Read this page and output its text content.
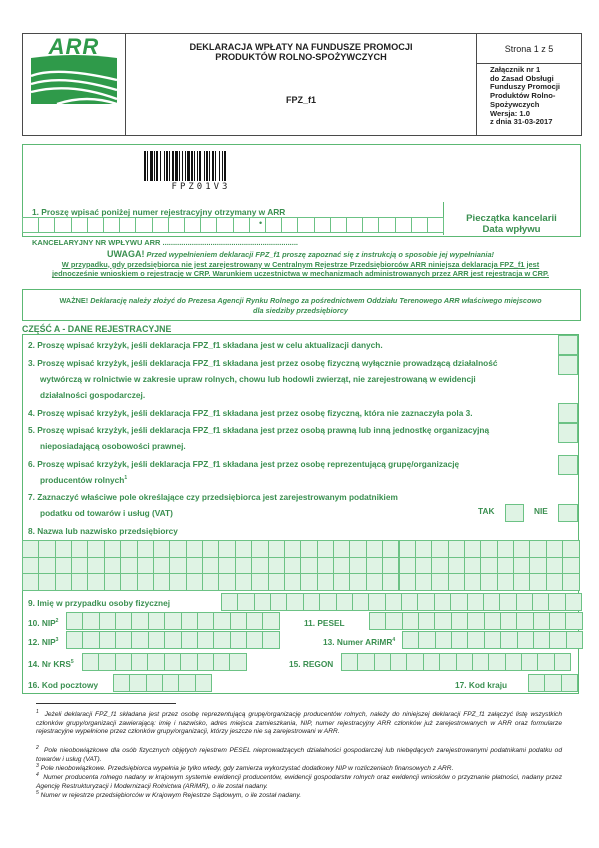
ARR	DEKLARACJA WPŁATY NA FUNDUSZE PROMOCJI
PRODUKTÓW ROLNO-SPOŻYWCZYCH
FPZ_f1
Strona 1 z 5
Załącznik nr 1
do Zasad Obsługi
Funduszy Promocji
Produktów Rolno-
Spożywczych
Wersja: 1.0
z dnia 31-03-2017
FPZ01V3
1. Proszę wpisać poniżej numer rejestracyjny otrzymany w ARR
•	Pieczątka kancelarii
Data wpływu
KANCELARYJNY NR WPŁYWU ARR .................................................................
UWAGA! Przed wypełnieniem deklaracji FPZ_f1 proszę zapoznać się z instrukcją o sposobie jej wypełniania!
W przypadku, gdy przedsiębiorca nie jest zarejestrowany w Centralnym Rejestrze Przedsiębiorców ARR niniejsza deklaracja FPZ_f1 jest
jednocześnie wnioskiem o rejestrację w CRP. Warunkiem uczestnictwa w mechanizmach administrowanych przez ARR jest rejestracja w CRP.
WAŻNE! Deklarację należy złożyć do Prezesa Agencji Rynku Rolnego za pośrednictwem Oddziału Terenowego ARR właściwego miejscowo
dla siedziby przedsiębiorcy
CZĘŚĆ A - DANE REJESTRACYJNE
2. Proszę wpisać krzyżyk, jeśli deklaracja FPZ_f1 składana jest w celu aktualizacji danych.
3. Proszę wpisać krzyżyk, jeśli deklaracja FPZ_f1 składana jest przez osobę fizyczną wyłącznie prowadzącą działalność
wytwórczą w rolnictwie w zakresie upraw rolnych, chowu lub hodowli zwierząt, nie zarejestrowaną w ewidencji
działalności gospodarczej.
4. Proszę wpisać krzyżyk, jeśli deklaracja FPZ_f1 składana jest przez osobę fizyczną, która nie zaznaczyła pola 3.
5. Proszę wpisać krzyżyk, jeśli deklaracja FPZ_f1 składana jest przez osobą prawną lub inną jednostkę organizacyjną
nieposiadającą osobowości prawnej.
6. Proszę wpisać krzyżyk, jeśli deklaracja FPZ_f1 składana jest przez osobę reprezentującą grupę/organizację
producentów rolnych$^1$
7. Zaznaczyć właściwe pole określające czy przedsiębiorca jest zarejestrowanym podatnikiem
podatku od towarów i usług (VAT)	TAK	NIE
8. Nazwa lub nazwisko przedsiębiorcy
9. Imię w przypadku osoby fizycznej
10. NIP$^2$	11. PESEL
12. NIP$^3$	13. Numer ARiMR$^4$
14. Nr KRS$^5$	15. REGON
16. Kod pocztowy	17. Kod kraju
$^1$ Jeżeli deklaracji FPZ_f1 składana jest przez osobę reprezentującą grupę/organizację producentów rolnych, należy do niniejszej deklaracji FPZ_f1 załączyć listę wszystkich członków grupy/organizacji zawierającą: imię i nazwisko, adres miejsca zamieszkania, NIP, numer rejestracyjny ARR członków już zarejestrowanych w ARR oraz formularze rejestracyjne wypełnione przez członków grupy/organizacji, którzy jeszcze nie są zarejestrowani w ARR.
$^2$ Pole nieobowiązkowe dla osób fizycznych objętych rejestrem PESEL nieprowadzących działalności gospodarczej lub niebędących zarejestrowanymi podatnikami podatku od towarów i usług (VAT).
$^3$ Pole nieobowiązkowe. Przedsiębiorca wypełnia je tylko wtedy, gdy zamierza wykorzystać dodatkowy NIP w rozliczeniach finansowych z ARR.
$^4$ Numer producenta rolnego nadany w krajowym systemie ewidencji producentów, ewidencji gospodarstw rolnych oraz ewidencji wniosków o przyznanie płatności, nadany przez Agencję Restrukturyzacji i Modernizacji Rolnictwa (ARiMR), o ile został nadany.
$^5$ Numer w rejestrze przedsiębiorców w Krajowym Rejestrze Sądowym, o ile został nadany.
